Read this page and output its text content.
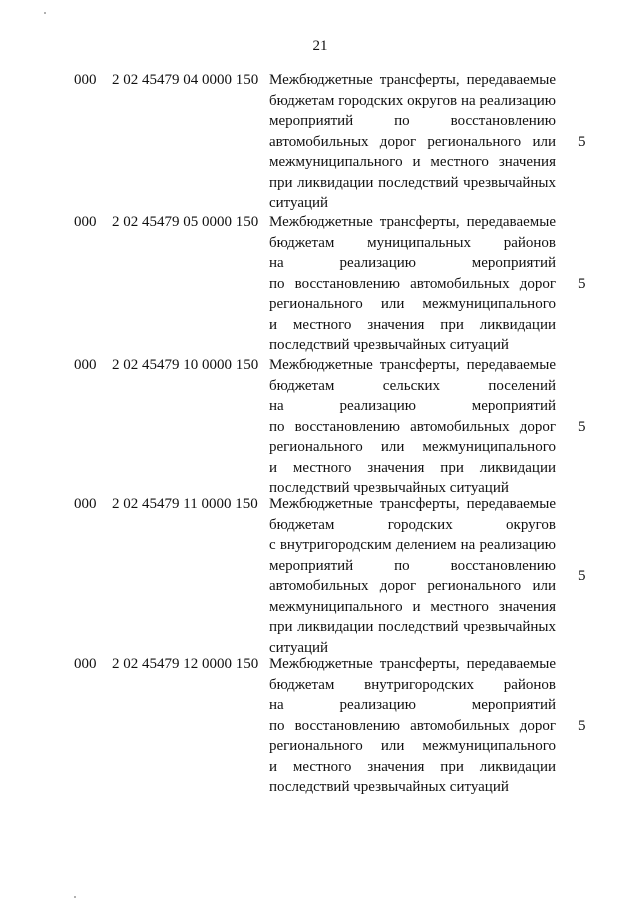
21
000 2 02 45479 04 0000 150 Межбюджетные трансферты, передаваемые
бюджетам городских округов на реализацию
мероприятий по восстановлению
автомобильных дорог регионального или
межмуниципального и местного значения
при ликвидации последствий чрезвычайных
ситуаций
5
000 2 02 45479 05 0000 150 Межбюджетные трансферты, передаваемые
бюджетам муниципальных районов
на реализацию мероприятий
по восстановлению автомобильных дорог
регионального или межмуниципального
и местного значения при ликвидации
последствий чрезвычайных ситуаций
5
000 2 02 45479 10 0000 150 Межбюджетные трансферты, передаваемые
бюджетам сельских поселений
на реализацию мероприятий
по восстановлению автомобильных дорог
регионального или межмуниципального
и местного значения при ликвидации
последствий чрезвычайных ситуаций
5
000 2 02 45479 11 0000 150 Межбюджетные трансферты, передаваемые
бюджетам городских округов
с внутригородским делением на реализацию
мероприятий по восстановлению
автомобильных дорог регионального или
межмуниципального и местного значения
при ликвидации последствий чрезвычайных
ситуаций
5
000 2 02 45479 12 0000 150 Межбюджетные трансферты, передаваемые
бюджетам внутригородских районов
на реализацию мероприятий
по восстановлению автомобильных дорог
регионального или межмуниципального
и местного значения при ликвидации
последствий чрезвычайных ситуаций
5
